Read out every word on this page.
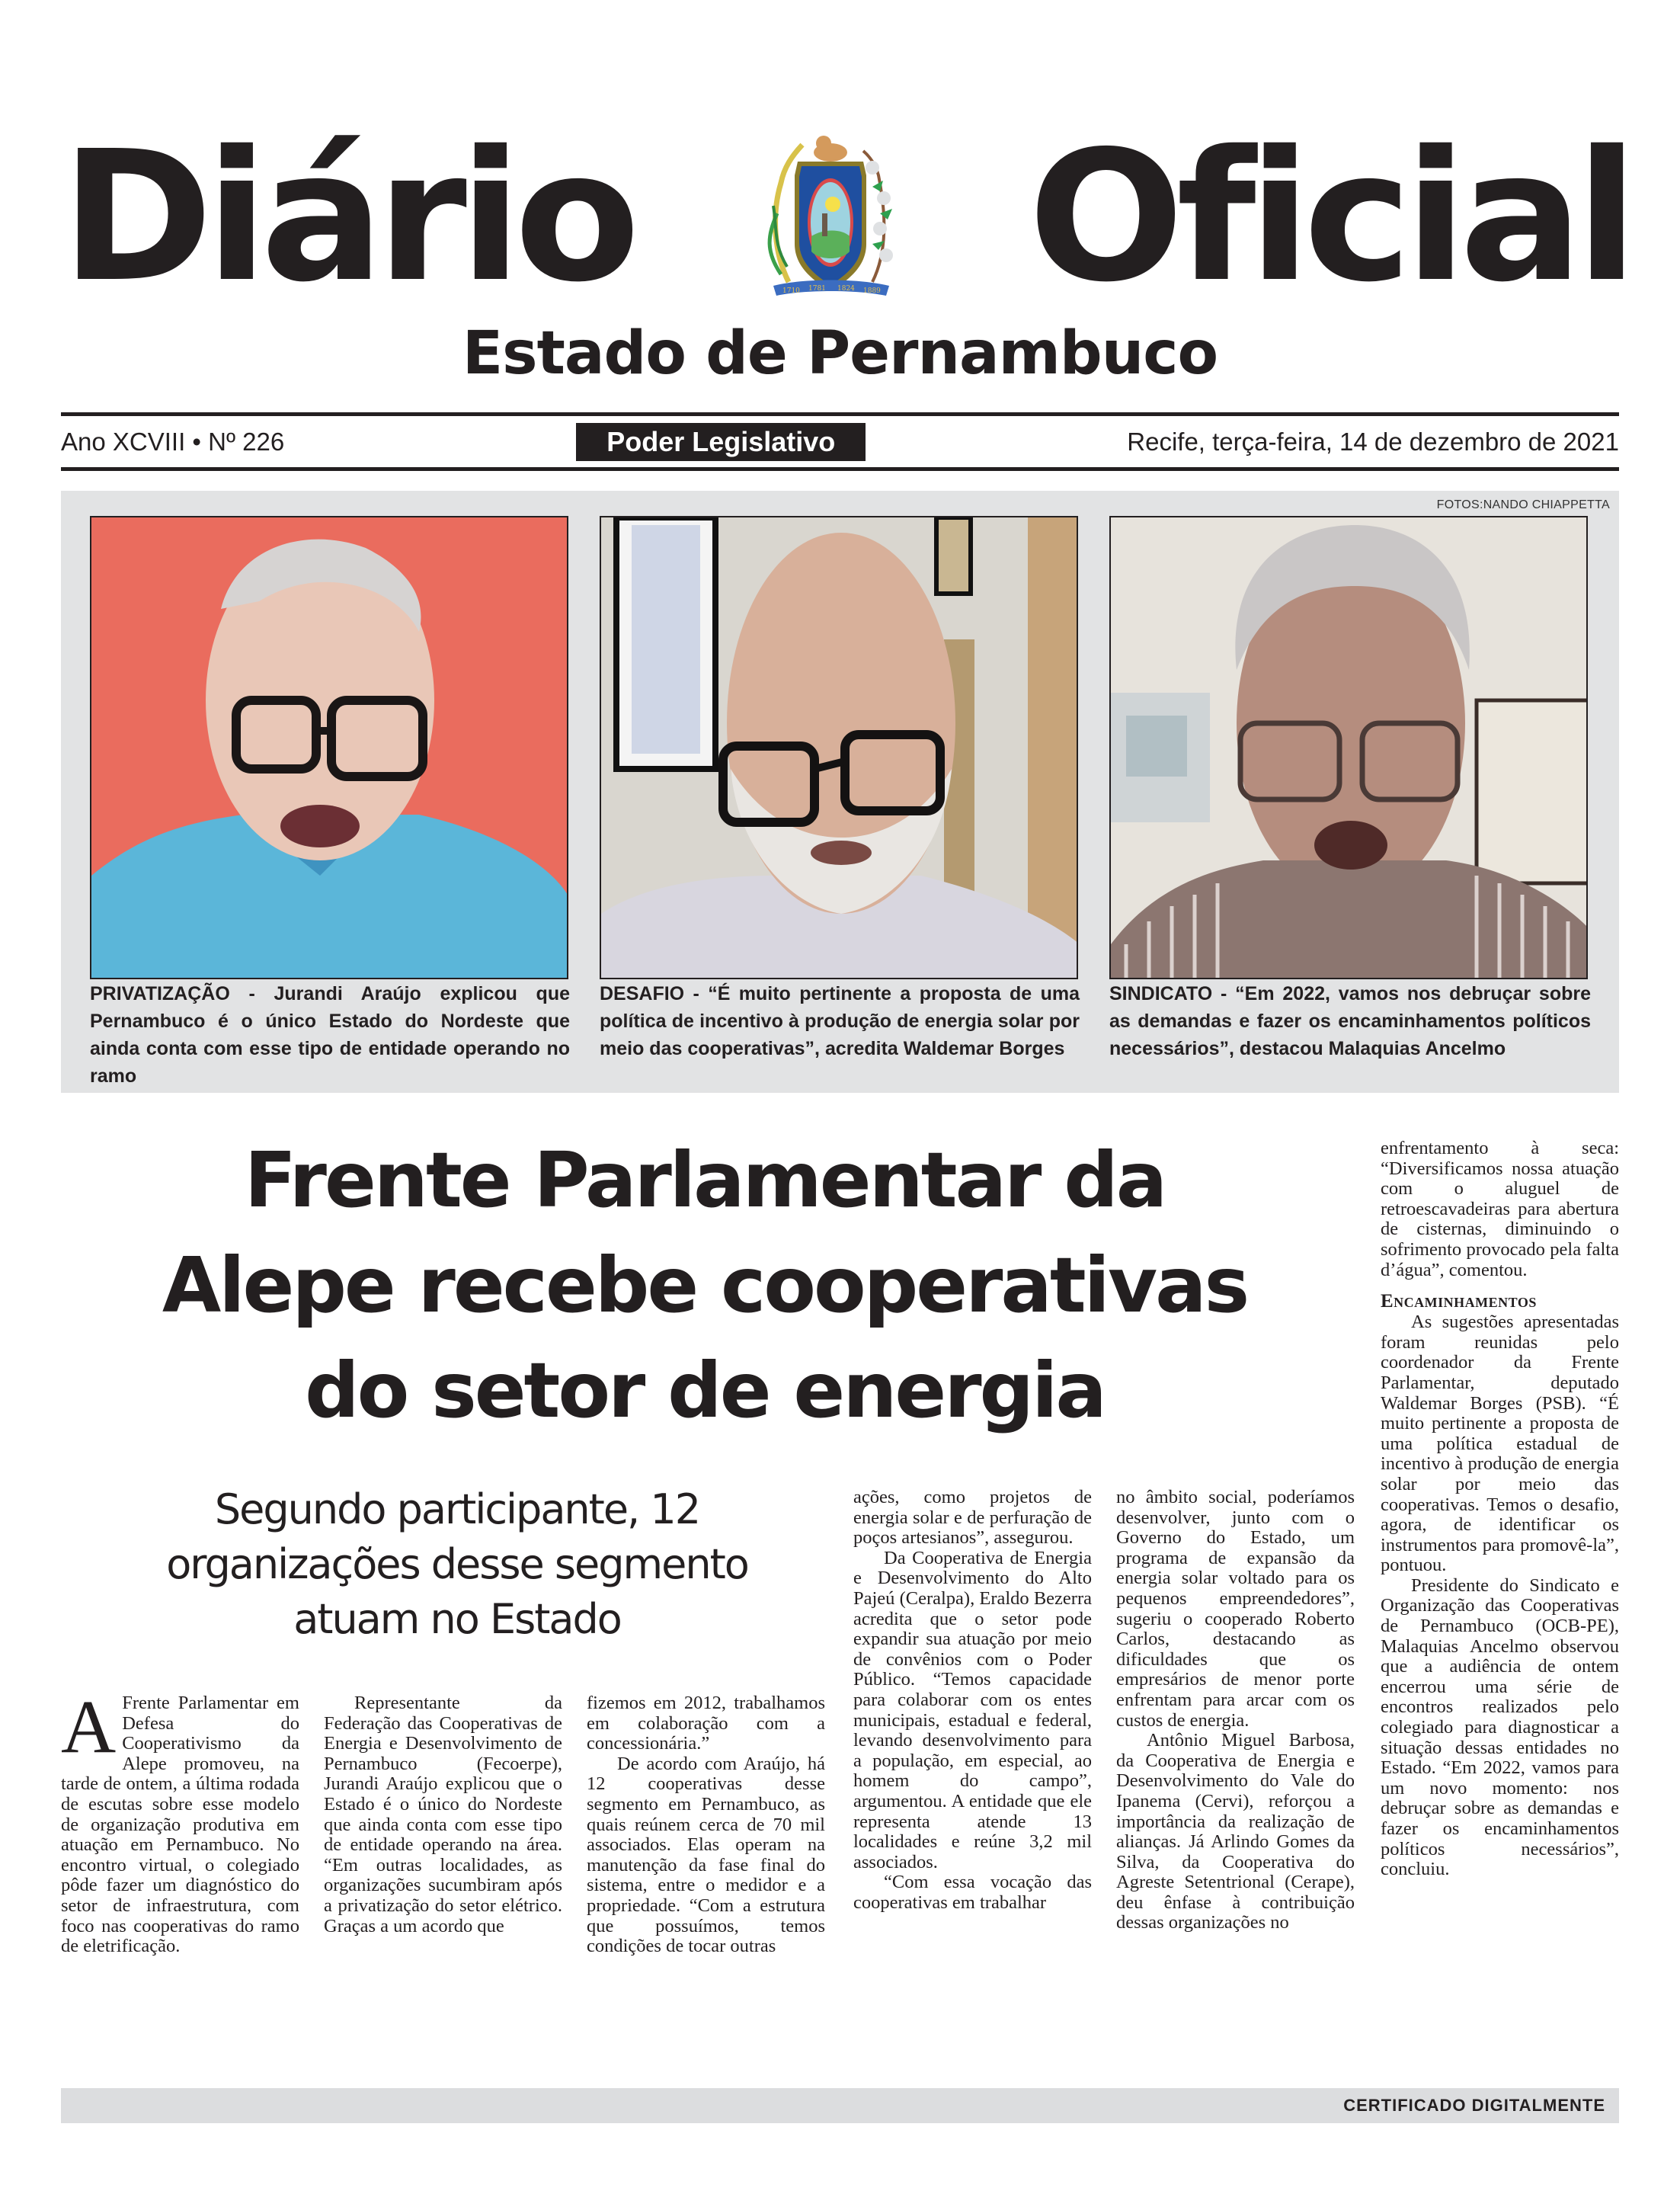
Diário	1710 1781 1824 1889 Oficial
Estado de Pernambuco
Ano XCVIII • Nº 226	Poder Legislativo	Recife, terça-feira, 14 de dezembro de 2021
FOTOS:NANDO CHIAPPETTA
PRIVATIZAÇÃO - Jurandi Araújo explicou que Pernambuco é o único Estado do Nordeste que ainda conta com esse tipo de entidade operando no ramo
DESAFIO - “É muito pertinente a proposta de uma política de incentivo à produção de energia solar por meio das cooperativas”, acredita Waldemar Borges
SINDICATO - “Em 2022, vamos nos debruçar sobre as demandas e fazer os encaminhamentos políticos necessários”, destacou Malaquias Ancelmo
Frente Parlamentar da
Alepe recebe cooperativas
do setor de energia
Segundo participante, 12
organizações desse segmento
atuam no Estado
A Frente Parlamentar em Defesa do Cooperativismo da Alepe promoveu, na tarde de ontem, a última rodada de escutas sobre esse modelo de organização produtiva em atuação em Pernambuco. No encontro virtual, o colegiado pôde fazer um diagnóstico do setor de infraestrutura, com foco nas cooperativas do ramo de eletrificação.

Representante da Federação das Cooperativas de Energia e Desenvolvimento de Pernambuco (Fecoerpe), Jurandi Araújo explicou que o Estado é o único do Nordeste que ainda conta com esse tipo de entidade operando na área. “Em outras localidades, as organizações sucumbiram após a privatização do setor elétrico. Graças a um acordo que

fizemos em 2012, trabalhamos em colaboração com a concessionária.”

De acordo com Araújo, há 12 cooperativas desse segmento em Pernambuco, as quais reúnem cerca de 70 mil associados. Elas operam na manutenção da fase final do sistema, entre o medidor e a propriedade. “Com a estrutura que possuímos, temos condições de tocar outras

ações, como projetos de energia solar e de perfuração de poços artesianos”, assegurou.

Da Cooperativa de Energia e Desenvolvimento do Alto Pajeú (Ceralpa), Eraldo Bezerra acredita que o setor pode expandir sua atuação por meio de convênios com o Poder Público. “Temos capacidade para colaborar com os entes municipais, estadual e federal, levando desenvolvimento para a população, em especial, ao homem do campo”, argumentou. A entidade que ele representa atende 13 localidades e reúne 3,2 mil associados.

“Com essa vocação das cooperativas em trabalhar

no âmbito social, poderíamos desenvolver, junto com o Governo do Estado, um programa de expansão da energia solar voltado para os pequenos empreendedores”, sugeriu o cooperado Roberto Carlos, destacando as dificuldades que os empresários de menor porte enfrentam para arcar com os custos de energia.

Antônio Miguel Barbosa, da Cooperativa de Energia e Desenvolvimento do Vale do Ipanema (Cervi), reforçou a importância da realização de alianças. Já Arlindo Gomes da Silva, da Cooperativa do Agreste Setentrional (Cerape), deu ênfase à contribuição dessas organizações no

enfrentamento à seca: “Diversificamos nossa atuação com o aluguel de retroescavadeiras para abertura de cisternas, diminuindo o sofrimento provocado pela falta d’água”, comentou.

Encaminhamentos

As sugestões apresentadas foram reunidas pelo coordenador da Frente Parlamentar, deputado Waldemar Borges (PSB). “É muito pertinente a proposta de uma política estadual de incentivo à produção de energia solar por meio das cooperativas. Temos o desafio, agora, de identificar os instrumentos para promovê-la”, pontuou.

Presidente do Sindicato e Organização das Cooperativas de Pernambuco (OCB-PE), Malaquias Ancelmo observou que a audiência de ontem encerrou uma série de encontros realizados pelo colegiado para diagnosticar a situação dessas entidades no Estado. “Em 2022, vamos para um novo momento: nos debruçar sobre as demandas e fazer os encaminhamentos políticos necessários”, concluiu.

CERTIFICADO DIGITALMENTE
